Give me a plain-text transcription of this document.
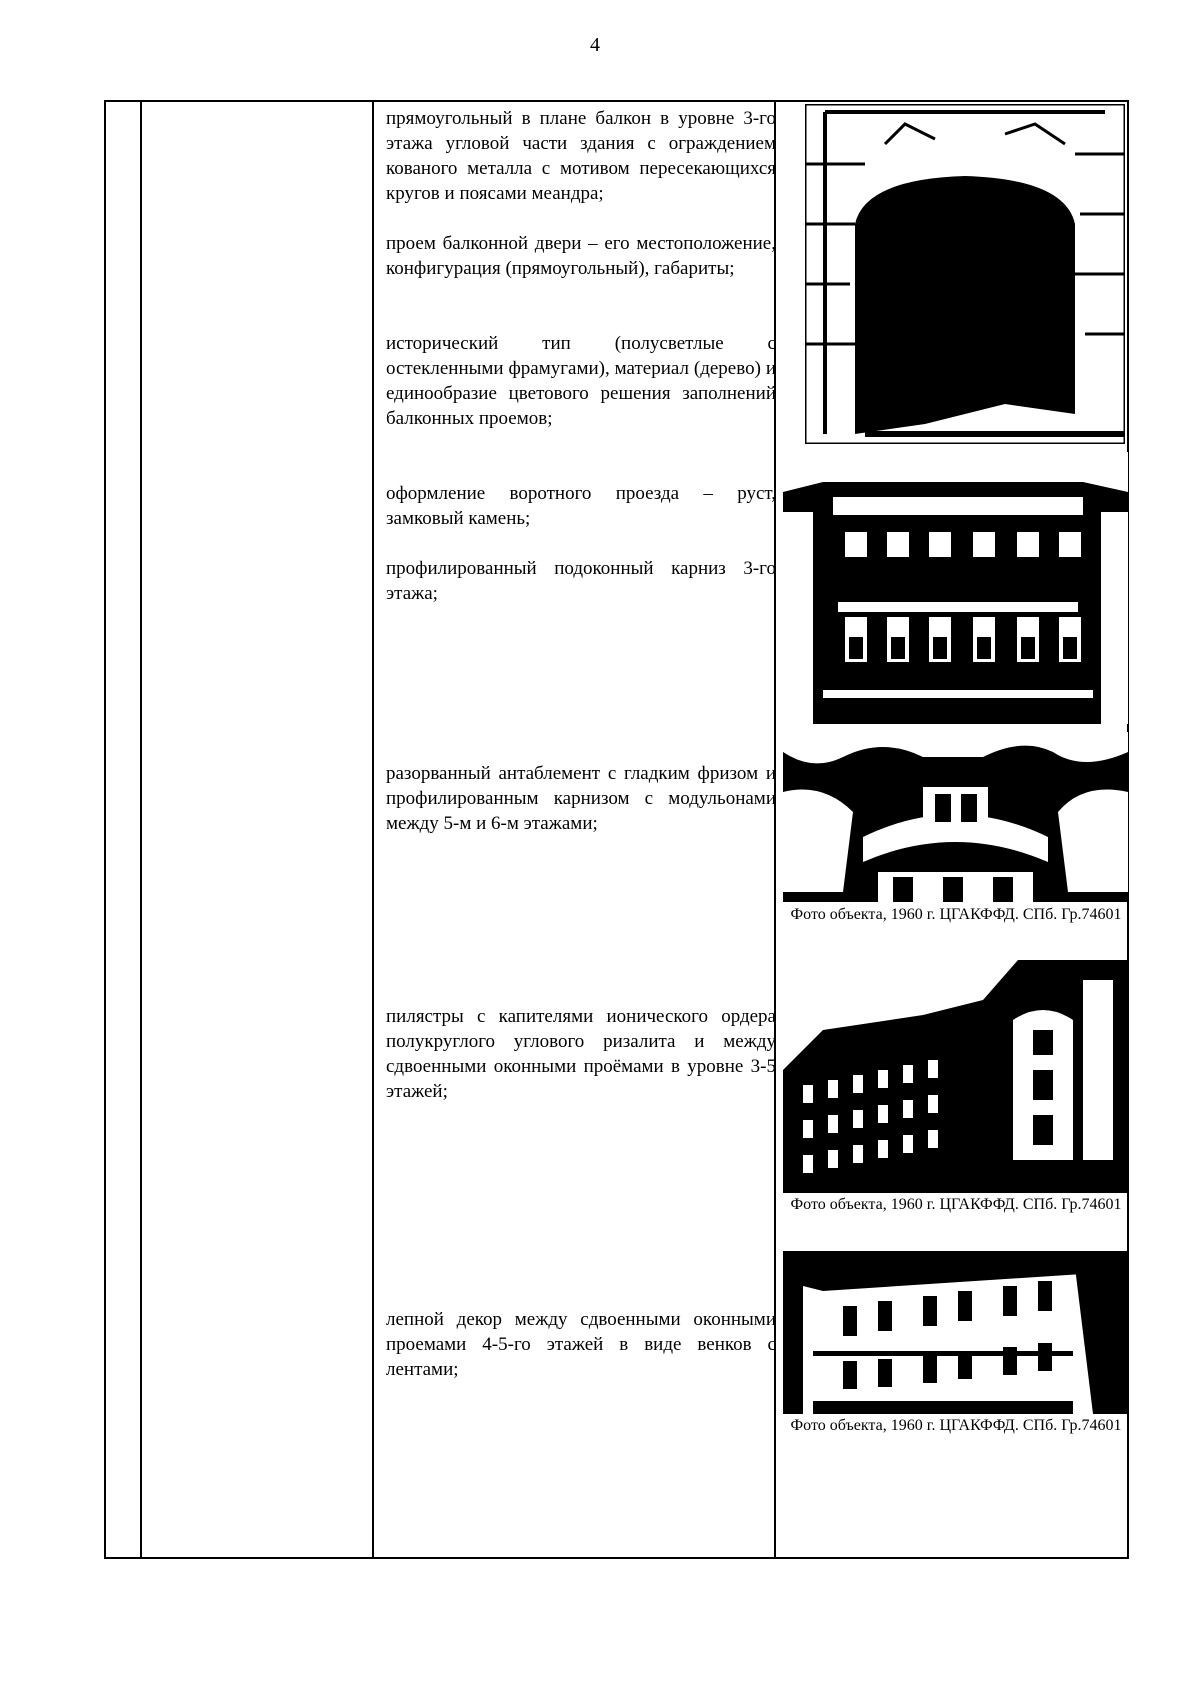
4
прямоугольный в плане балкон в уровне 3-го этажа угловой части здания с ограждением кованого металла с мотивом пересекающихся кругов и поясами меандра;
проем балконной двери – его местоположение, конфигурация (прямоугольный), габариты;
исторический тип (полусветлые с остекленными фрамугами), материал (дерево) и единообразие цветового решения заполнений балконных проемов;
оформление воротного проезда – руст, замковый камень;
профилированный подоконный карниз 3-го этажа;
разорванный антаблемент с гладким фризом и профилированным карнизом с модульонами между 5-м и 6-м этажами;
пилястры с капителями ионического ордера полукруглого углового ризалита и между сдвоенными оконными проёмами в уровне 3-5 этажей;
лепной декор между сдвоенными оконными проемами 4-5-го этажей в виде венков с лентами;
Фото объекта, 1960 г. ЦГАКФФД. СПб. Гр.74601
Фото объекта, 1960 г. ЦГАКФФД. СПб. Гр.74601
Фото объекта, 1960 г. ЦГАКФФД. СПб. Гр.74601
